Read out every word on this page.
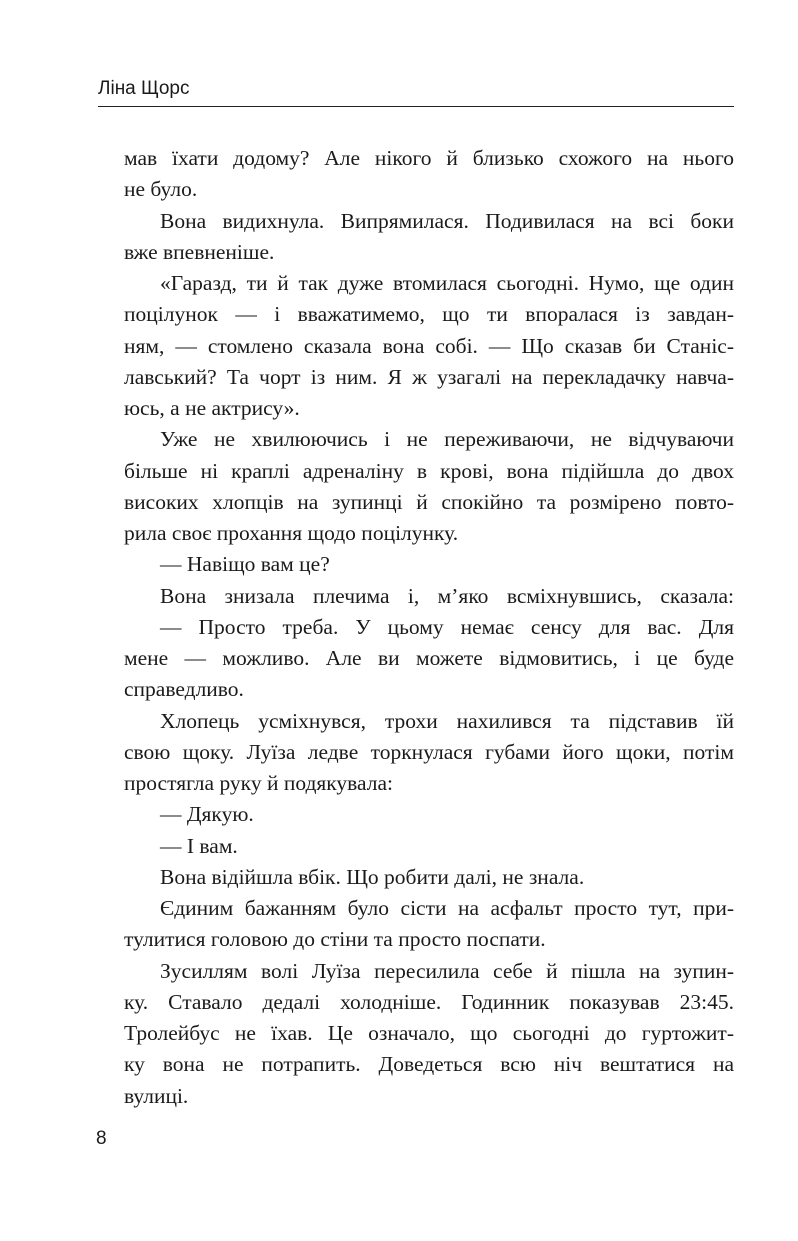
Ліна Щорс
мав їхати додому? Але нікого й близько схожого на нього
не було.
Вона видихнула. Випрямилася. Подивилася на всі боки
вже впевненіше.
«Гаразд, ти й так дуже втомилася сьогодні. Нумо, ще один
поцілунок — і вважатимемо, що ти впоралася із завдан-
ням, — стомлено сказала вона собі. — Що сказав би Станіс-
лавський? Та чорт із ним. Я ж узагалі на перекладачку навча-
юсь, а не актрису».
Уже не хвилюючись і не переживаючи, не відчуваючи
більше ні краплі адреналіну в крові, вона підійшла до двох
високих хлопців на зупинці й спокійно та розмірено повто-
рила своє прохання щодо поцілунку.
— Навіщо вам це?
Вона знизала плечима і, м’яко всміхнувшись, сказала:
— Просто треба. У цьому немає сенсу для вас. Для
мене — можливо. Але ви можете відмовитись, і це буде
справедливо.
Хлопець усміхнувся, трохи нахилився та підставив їй
свою щоку. Луїза ледве торкнулася губами його щоки, потім
простягла руку й подякувала:
— Дякую.
— І вам.
Вона відійшла вбік. Що робити далі, не знала.
Єдиним бажанням було сісти на асфальт просто тут, при-
тулитися головою до стіни та просто поспати.
Зусиллям волі Луїза пересилила себе й пішла на зупин-
ку. Ставало дедалі холодніше. Годинник показував 23:45.
Тролейбус не їхав. Це означало, що сьогодні до гуртожит-
ку вона не потрапить. Доведеться всю ніч вештатися на
вулиці.
8
